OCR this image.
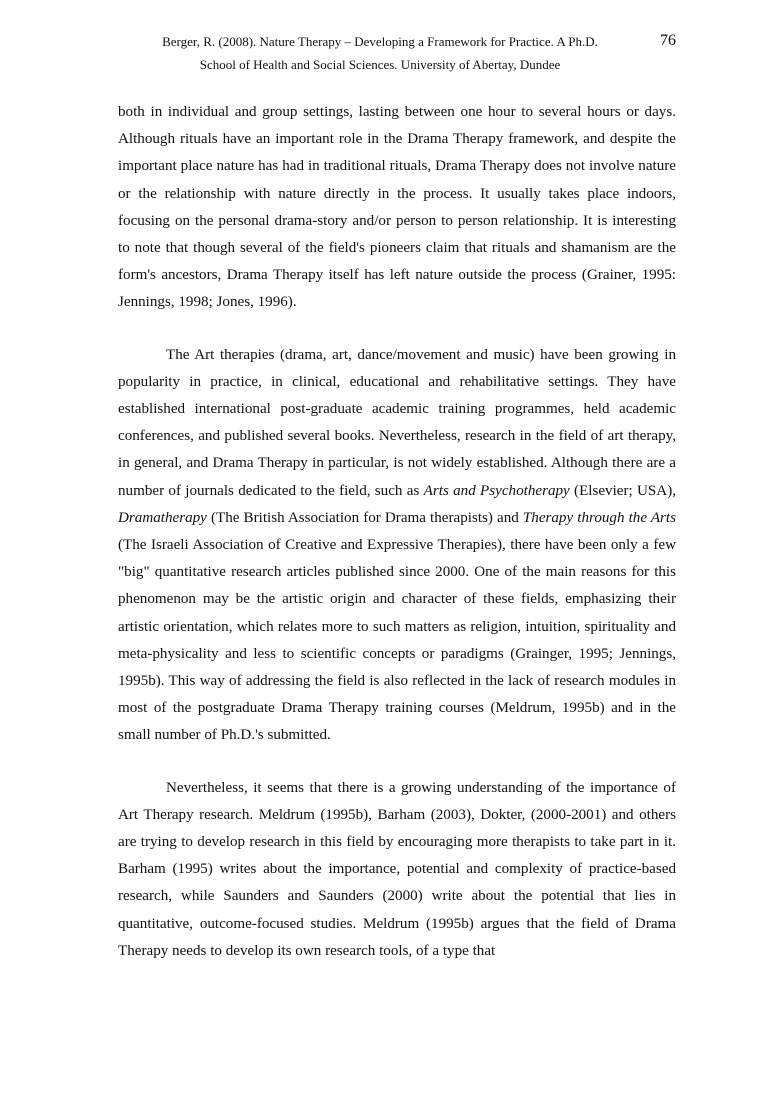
Berger, R. (2008). Nature Therapy – Developing a Framework for Practice. A Ph.D.
School of Health and Social Sciences. University of Abertay, Dundee
76

both in individual and group settings, lasting between one hour to several hours or days. Although rituals have an important role in the Drama Therapy framework, and despite the important place nature has had in traditional rituals, Drama Therapy does not involve nature or the relationship with nature directly in the process. It usually takes place indoors, focusing on the personal drama-story and/or person to person relationship. It is interesting to note that though several of the field's pioneers claim that rituals and shamanism are the form's ancestors, Drama Therapy itself has left nature outside the process (Grainer, 1995: Jennings, 1998; Jones, 1996).

The Art therapies (drama, art, dance/movement and music) have been growing in popularity in practice, in clinical, educational and rehabilitative settings. They have established international post-graduate academic training programmes, held academic conferences, and published several books. Nevertheless, research in the field of art therapy, in general, and Drama Therapy in particular, is not widely established. Although there are a number of journals dedicated to the field, such as Arts and Psychotherapy (Elsevier; USA), Dramatherapy (The British Association for Drama therapists) and Therapy through the Arts (The Israeli Association of Creative and Expressive Therapies), there have been only a few "big" quantitative research articles published since 2000. One of the main reasons for this phenomenon may be the artistic origin and character of these fields, emphasizing their artistic orientation, which relates more to such matters as religion, intuition, spirituality and meta-physicality and less to scientific concepts or paradigms (Grainger, 1995; Jennings, 1995b). This way of addressing the field is also reflected in the lack of research modules in most of the postgraduate Drama Therapy training courses (Meldrum, 1995b) and in the small number of Ph.D.'s submitted.

Nevertheless, it seems that there is a growing understanding of the importance of Art Therapy research. Meldrum (1995b), Barham (2003), Dokter, (2000-2001) and others are trying to develop research in this field by encouraging more therapists to take part in it. Barham (1995) writes about the importance, potential and complexity of practice-based research, while Saunders and Saunders (2000) write about the potential that lies in quantitative, outcome-focused studies. Meldrum (1995b) argues that the field of Drama Therapy needs to develop its own research tools, of a type that
